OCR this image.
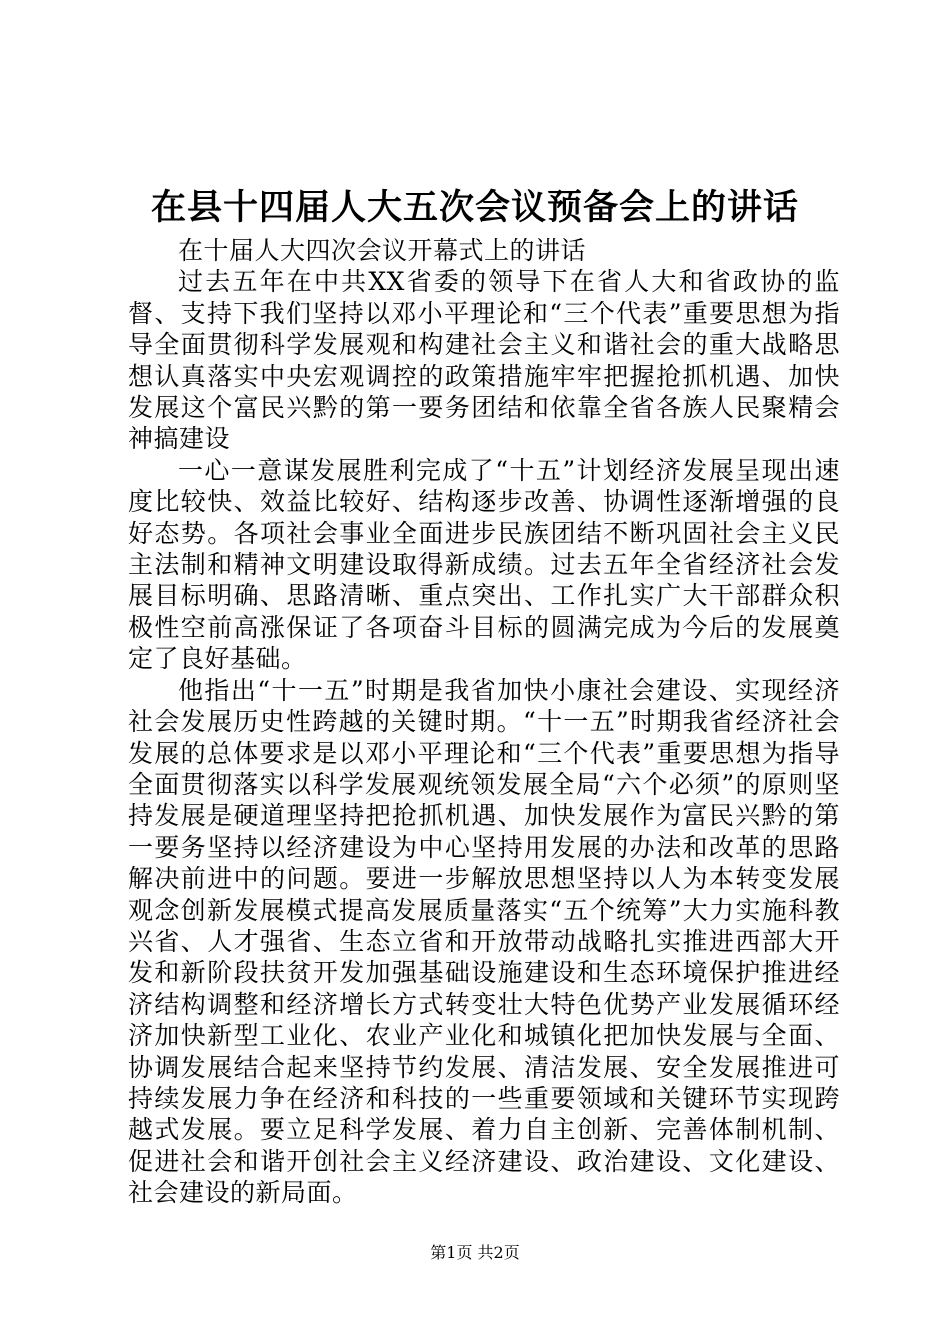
在县十四届人大五次会议预备会上的讲话

在十届人大四次会议开幕式上的讲话

过去五年在中共XX省委的领导下在省人大和省政协的监督、支持下我们坚持以邓小平理论和“三个代表”重要思想为指导全面贯彻科学发展观和构建社会主义和谐社会的重大战略思想认真落实中央宏观调控的政策措施牢牢把握抢抓机遇、加快发展这个富民兴黔的第一要务团结和依靠全省各族人民聚精会神搞建设

一心一意谋发展胜利完成了“十五”计划经济发展呈现出速度比较快、效益比较好、结构逐步改善、协调性逐渐增强的良好态势。各项社会事业全面进步民族团结不断巩固社会主义民主法制和精神文明建设取得新成绩。过去五年全省经济社会发展目标明确、思路清晰、重点突出、工作扎实广大干部群众积极性空前高涨保证了各项奋斗目标的圆满完成为今后的发展奠定了良好基础。

他指出“十一五”时期是我省加快小康社会建设、实现经济社会发展历史性跨越的关键时期。“十一五”时期我省经济社会发展的总体要求是以邓小平理论和“三个代表”重要思想为指导全面贯彻落实以科学发展观统领发展全局“六个必须”的原则坚持发展是硬道理坚持把抢抓机遇、加快发展作为富民兴黔的第一要务坚持以经济建设为中心坚持用发展的办法和改革的思路解决前进中的问题。要进一步解放思想坚持以人为本转变发展观念创新发展模式提高发展质量落实“五个统筹”大力实施科教兴省、人才强省、生态立省和开放带动战略扎实推进西部大开发和新阶段扶贫开发加强基础设施建设和生态环境保护推进经济结构调整和经济增长方式转变壮大特色优势产业发展循环经济加快新型工业化、农业产业化和城镇化把加快发展与全面、协调发展结合起来坚持节约发展、清洁发展、安全发展推进可持续发展力争在经济和科技的一些重要领域和关键环节实现跨越式发展。要立足科学发展、着力自主创新、完善体制机制、促进社会和谐开创社会主义经济建设、政治建设、文化建设、社会建设的新局面。

第1页 共2页
